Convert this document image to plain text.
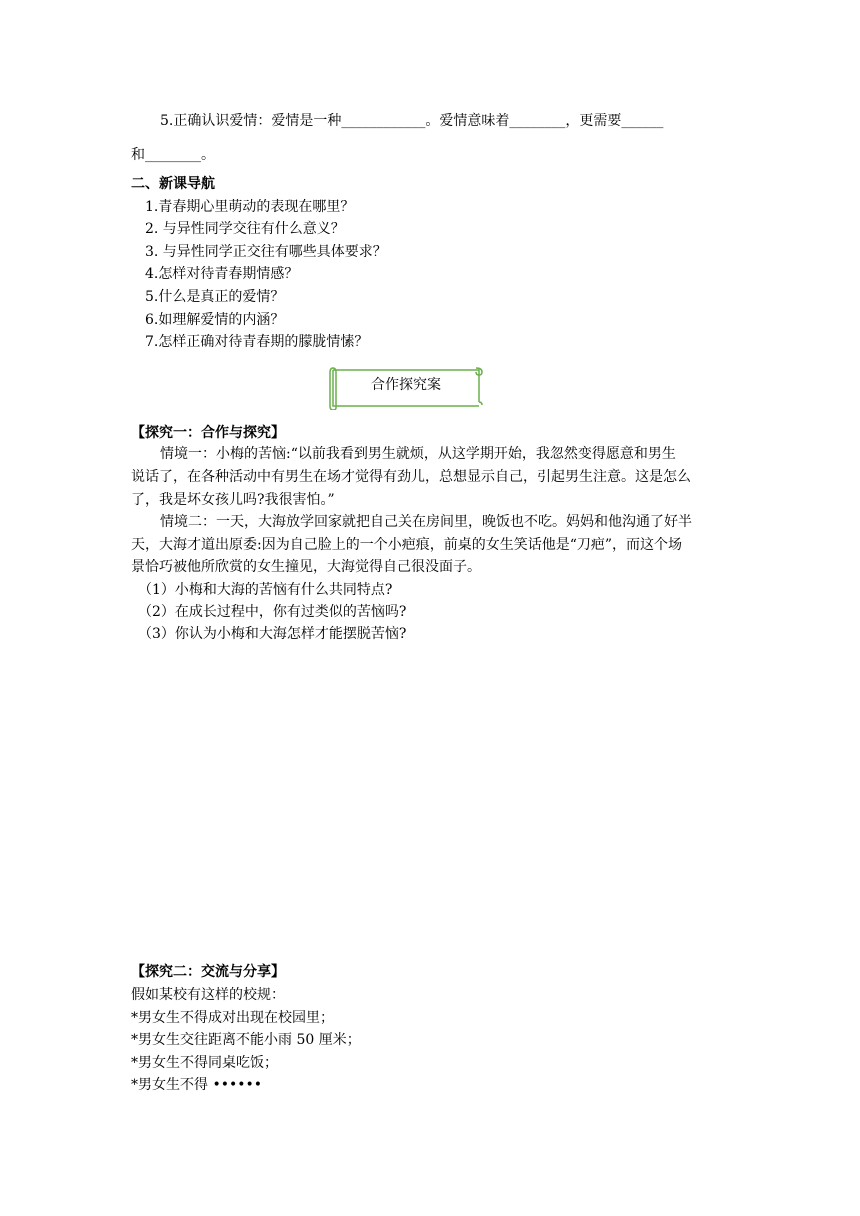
5.正确认识爱情：爱情是一种____________。爱情意味着________，更需要______
和________。
二、新课导航
1.青春期心里萌动的表现在哪里？
2. 与异性同学交往有什么意义？
3. 与异性同学正交往有哪些具体要求？
4.怎样对待青春期情感？
5.什么是真正的爱情？
6.如理解爱情的内涵？
7.怎样正确对待青春期的朦胧情愫？
合作探究案
【探究一：合作与探究】
情境一：小梅的苦恼:“以前我看到男生就烦，从这学期开始，我忽然变得愿意和男生
说话了，在各种活动中有男生在场才觉得有劲儿，总想显示自己，引起男生注意。这是怎么
了，我是坏女孩儿吗?我很害怕。”
情境二：一天，大海放学回家就把自己关在房间里，晚饭也不吃。妈妈和他沟通了好半
天，大海才道出原委:因为自己脸上的一个小疤痕，前桌的女生笑话他是“刀疤”，而这个场
景恰巧被他所欣赏的女生撞见，大海觉得自己很没面子。
（1）小梅和大海的苦恼有什么共同特点?
（2）在成长过程中，你有过类似的苦恼吗?
（3）你认为小梅和大海怎样才能摆脱苦恼?
【探究二：交流与分享】
假如某校有这样的校规：
*男女生不得成对出现在校园里；
*男女生交往距离不能小雨 50 厘米；
*男女生不得同桌吃饭；
*男女生不得 ••••••
